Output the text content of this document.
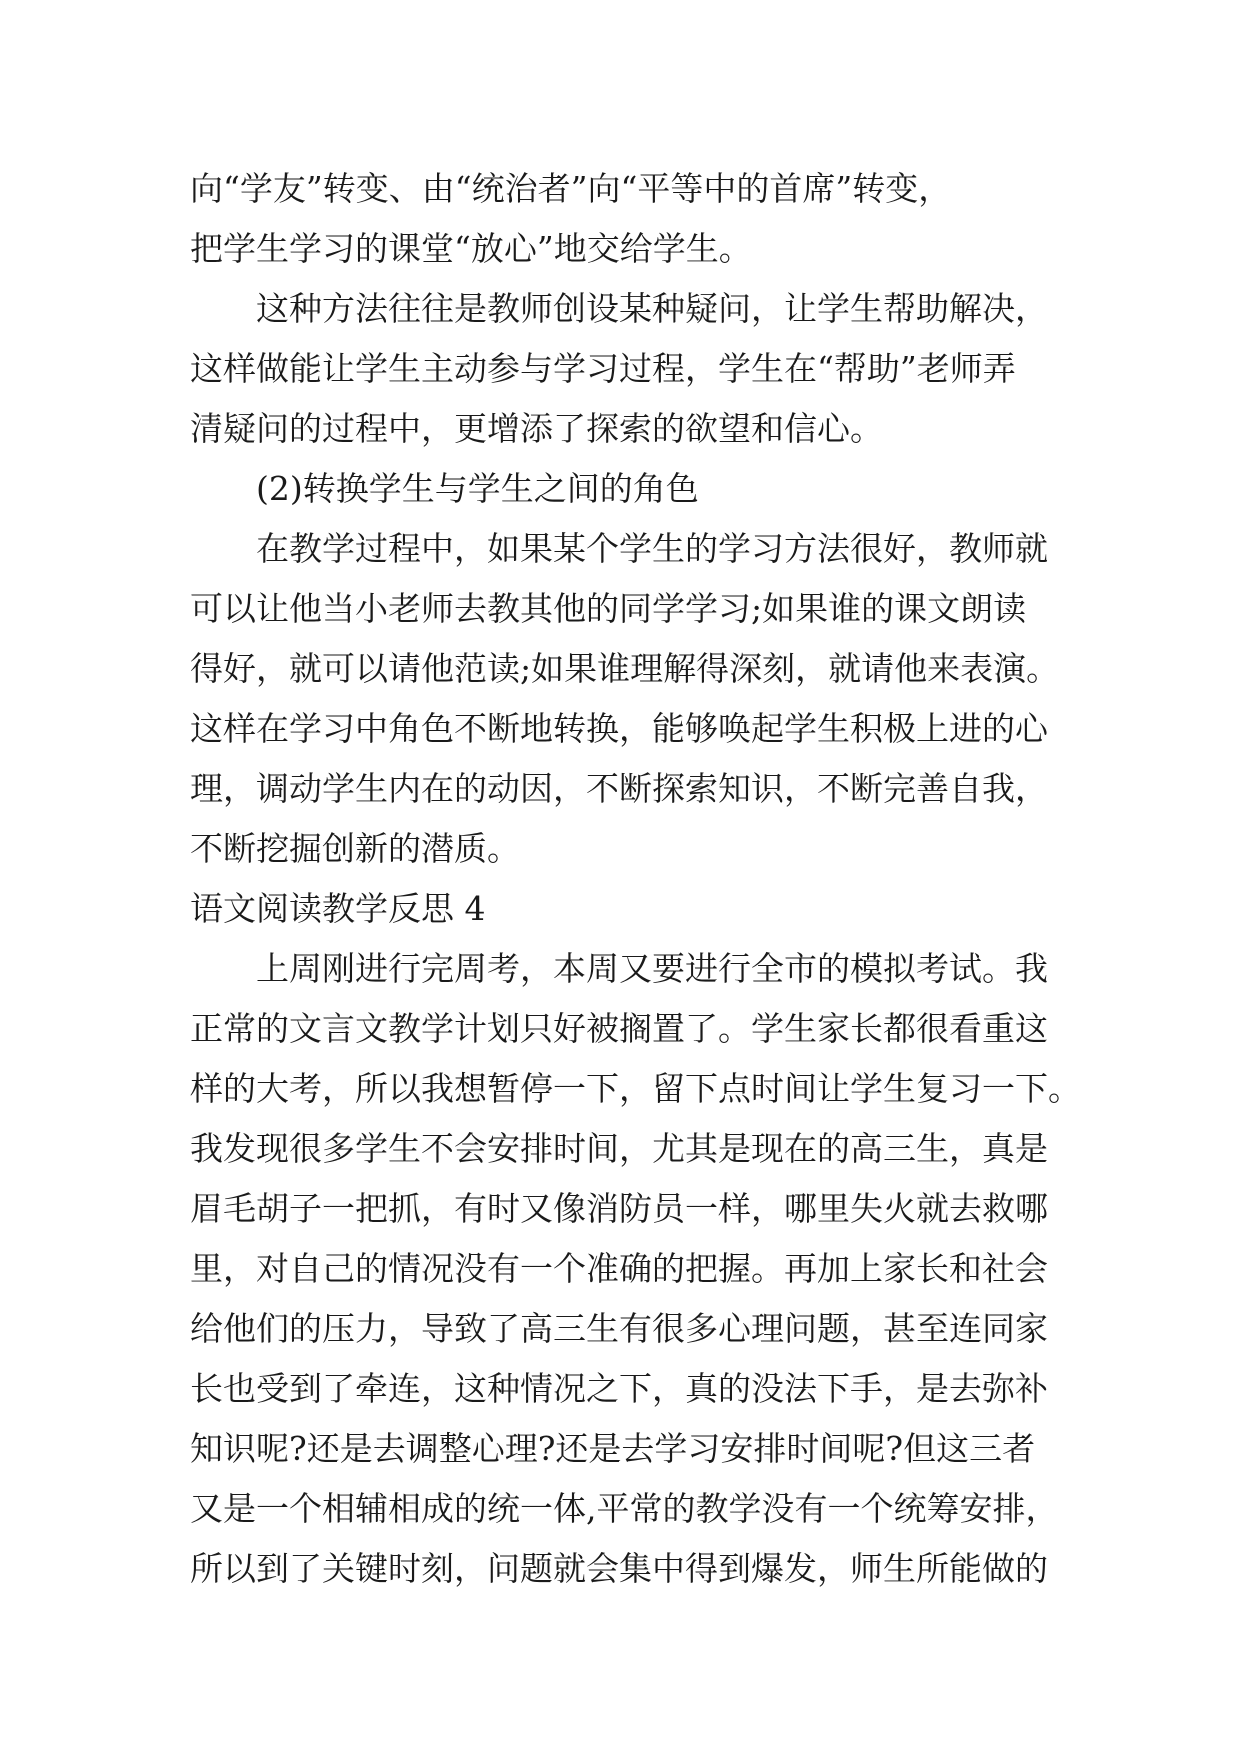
向“学友”转变、由“统治者”向“平等中的首席”转变，
把学生学习的课堂“放心”地交给学生。
这种方法往往是教师创设某种疑问，让学生帮助解决，
这样做能让学生主动参与学习过程，学生在“帮助”老师弄
清疑问的过程中，更增添了探索的欲望和信心。
(2)转换学生与学生之间的角色
在教学过程中，如果某个学生的学习方法很好，教师就
可以让他当小老师去教其他的同学学习;如果谁的课文朗读
得好，就可以请他范读;如果谁理解得深刻，就请他来表演。
这样在学习中角色不断地转换，能够唤起学生积极上进的心
理，调动学生内在的动因，不断探索知识，不断完善自我，
不断挖掘创新的潜质。
语文阅读教学反思 4
上周刚进行完周考，本周又要进行全市的模拟考试。我
正常的文言文教学计划只好被搁置了。学生家长都很看重这
样的大考，所以我想暂停一下，留下点时间让学生复习一下。
我发现很多学生不会安排时间，尤其是现在的高三生，真是
眉毛胡子一把抓，有时又像消防员一样，哪里失火就去救哪
里，对自己的情况没有一个准确的把握。再加上家长和社会
给他们的压力，导致了高三生有很多心理问题，甚至连同家
长也受到了牵连，这种情况之下，真的没法下手，是去弥补
知识呢?还是去调整心理?还是去学习安排时间呢?但这三者
又是一个相辅相成的统一体,平常的教学没有一个统筹安排，
所以到了关键时刻，问题就会集中得到爆发，师生所能做的
